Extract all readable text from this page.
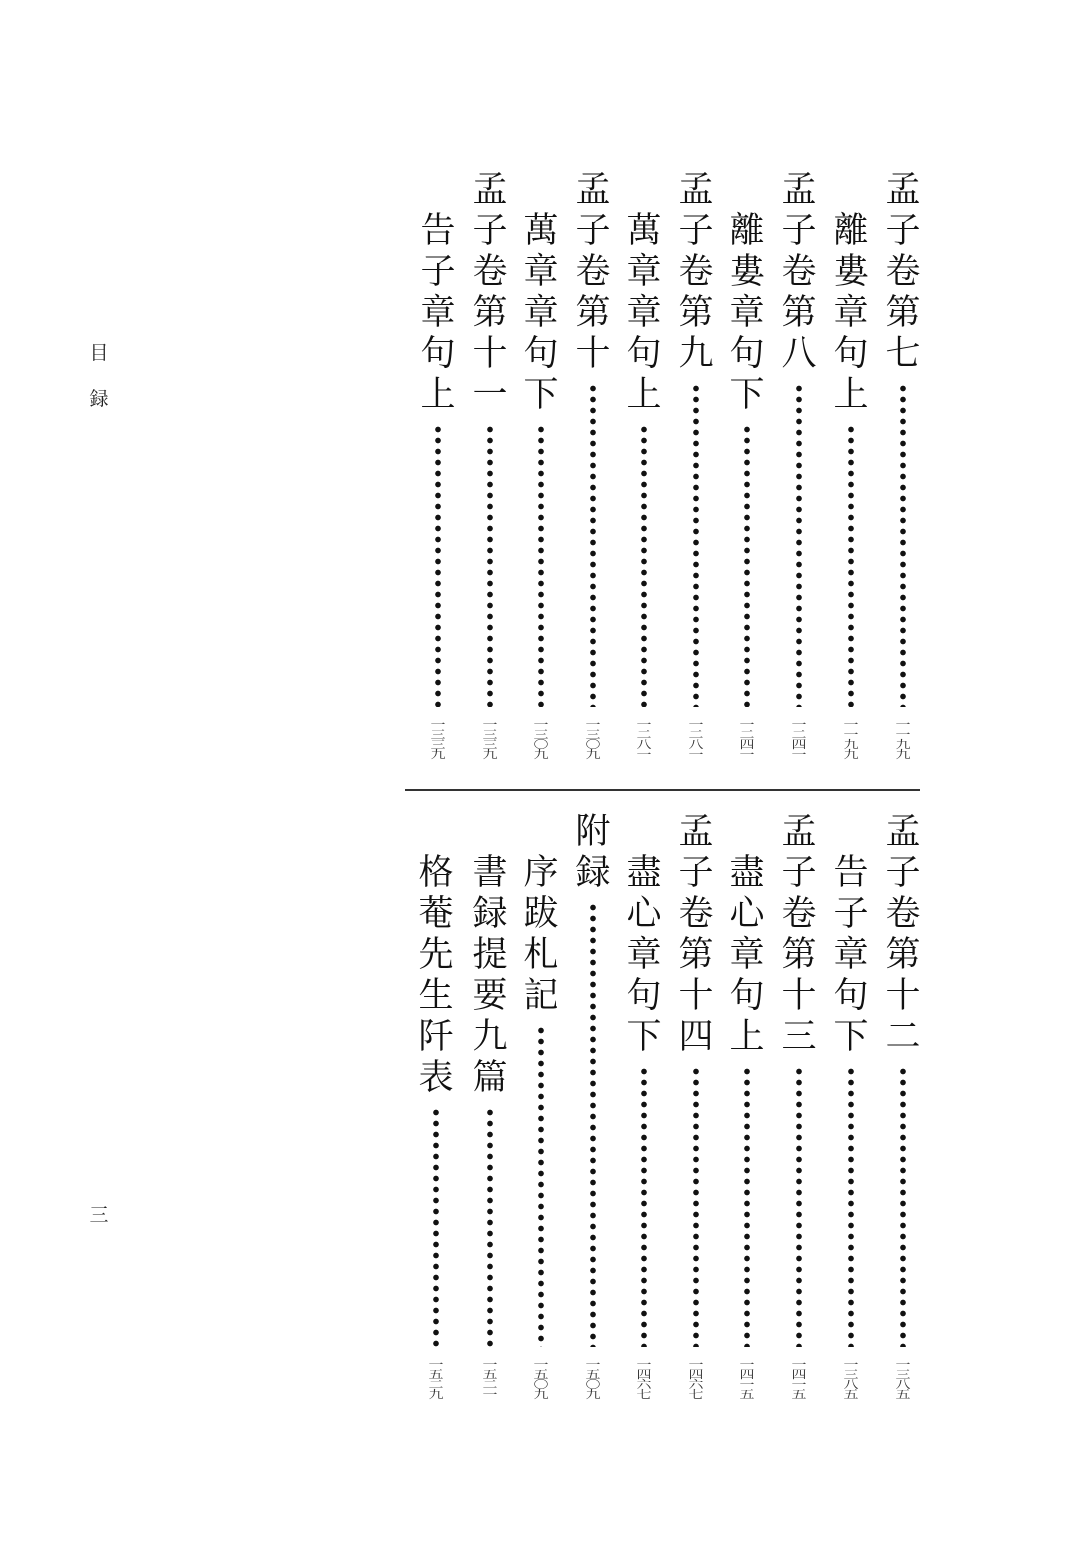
目
録
三
孟
子
卷
第
七
一
一
九
九
離
婁
章
句
上
一
一
九
九
孟
子
卷
第
八
一
二
四
一
離
婁
章
句
下
一
二
四
一
孟
子
卷
第
九
一
二
八
一
萬
章
章
句
上
一
二
八
一
孟
子
卷
第
十
一
三
〇
九
萬
章
章
句
下
一
三
〇
九
孟
子
卷
第
十
一
一
三
三
九
告
子
章
句
上
一
三
三
九
孟
子
卷
第
十
二
一
三
八
五
告
子
章
句
下
一
三
八
五
孟
子
卷
第
十
三
一
四
一
五
盡
心
章
句
上
一
四
一
五
孟
子
卷
第
十
四
一
四
六
七
盡
心
章
句
下
一
四
六
七
附
録
一
五
〇
九
序
跋
札
記
一
五
〇
九
書
録
提
要
九
篇
一
五
二
一
格
菴
先
生
阡
表
一
五
二
九
